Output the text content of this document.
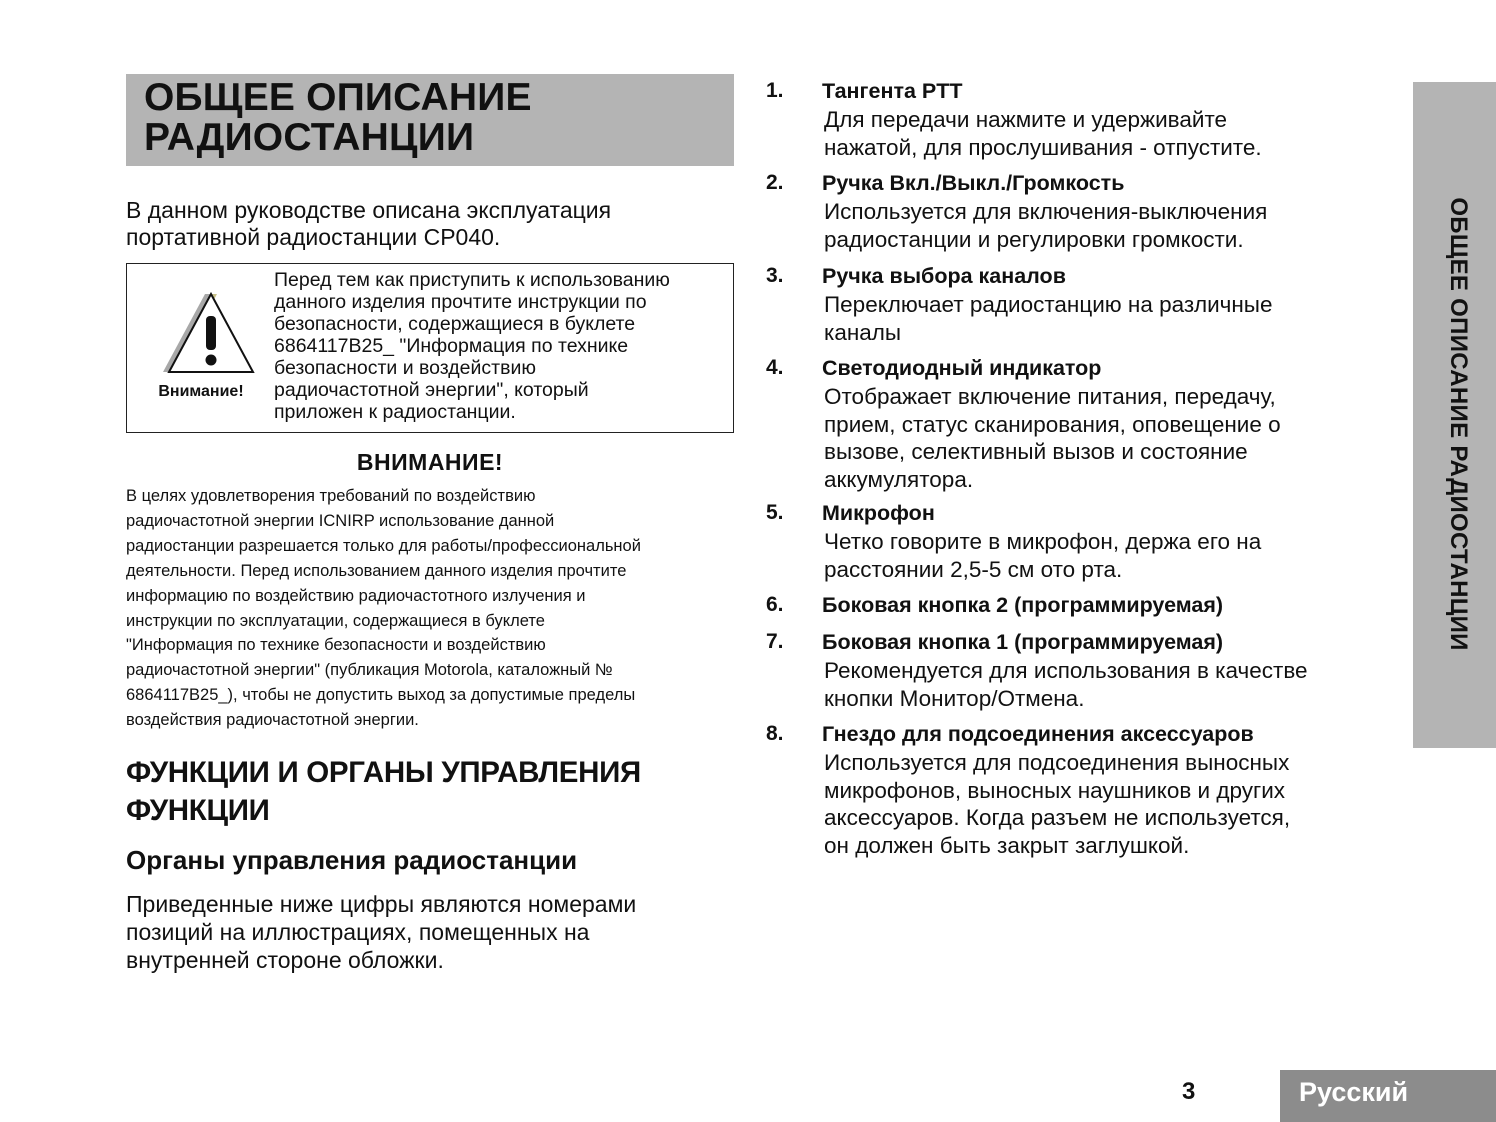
ОБЩЕЕ ОПИСАНИЕ
РАДИОСТАНЦИИ
В данном руководстве описана эксплуатация
портативной радиостанции CP040.
Внимание!
Перед тем как приступить к использованию
данного изделия прочтите инструкции по
безопасности, содержащиеся в буклете
6864117B25_ "Информация по технике
безопасности и воздействию
радиочастотной энергии", который
приложен к радиостанции.
ВНИМАНИЕ!
В целях удовлетворения требований по воздействию
радиочастотной энергии ICNIRP использование данной
радиостанции разрешается только для работы/профессиональной
деятельности. Перед использованием данного изделия прочтите
информацию по воздействию радиочастотного излучения и
инструкции по эксплуатации, содержащиеся в буклете
"Информация по технике безопасности и воздействию
радиочастотной энергии" (публикация Motorola, каталожный №
6864117B25_), чтобы не допустить выход за допустимые пределы
воздействия радиочастотной энергии.
ФУНКЦИИ И ОРГАНЫ УПРАВЛЕНИЯ
ФУНКЦИИ
Органы управления радиостанции
Приведенные ниже цифры являются номерами
позиций на иллюстрациях, помещенных на
внутренней стороне обложки.
1. Тангента PTT
Для передачи нажмите и удерживайте
нажатой, для прослушивания - отпустите.
2. Ручка Вкл./Выкл./Громкость
Используется для включения-выключения
радиостанции и регулировки громкости.
3. Ручка выбора каналов
Переключает радиостанцию на различные
каналы
4. Светодиодный индикатор
Отображает включение питания, передачу,
прием, статус сканирования, оповещение о
вызове, селективный вызов и состояние
аккумулятора.
5. Микрофон
Четко говорите в микрофон, держа его на
расстоянии 2,5-5 см ото рта.
6. Боковая кнопка 2 (программируемая)
7. Боковая кнопка 1 (программируемая)
Рекомендуется для использования в качестве
кнопки Монитор/Отмена.
8. Гнездо для подсоединения аксессуаров
Используется для подсоединения выносных
микрофонов, выносных наушников и других
аксессуаров. Когда разъем не используется,
он должен быть закрыт заглушкой.
ОБЩЕЕ ОПИСАНИЕ РАДИОСТАНЦИИ
3	Русский
